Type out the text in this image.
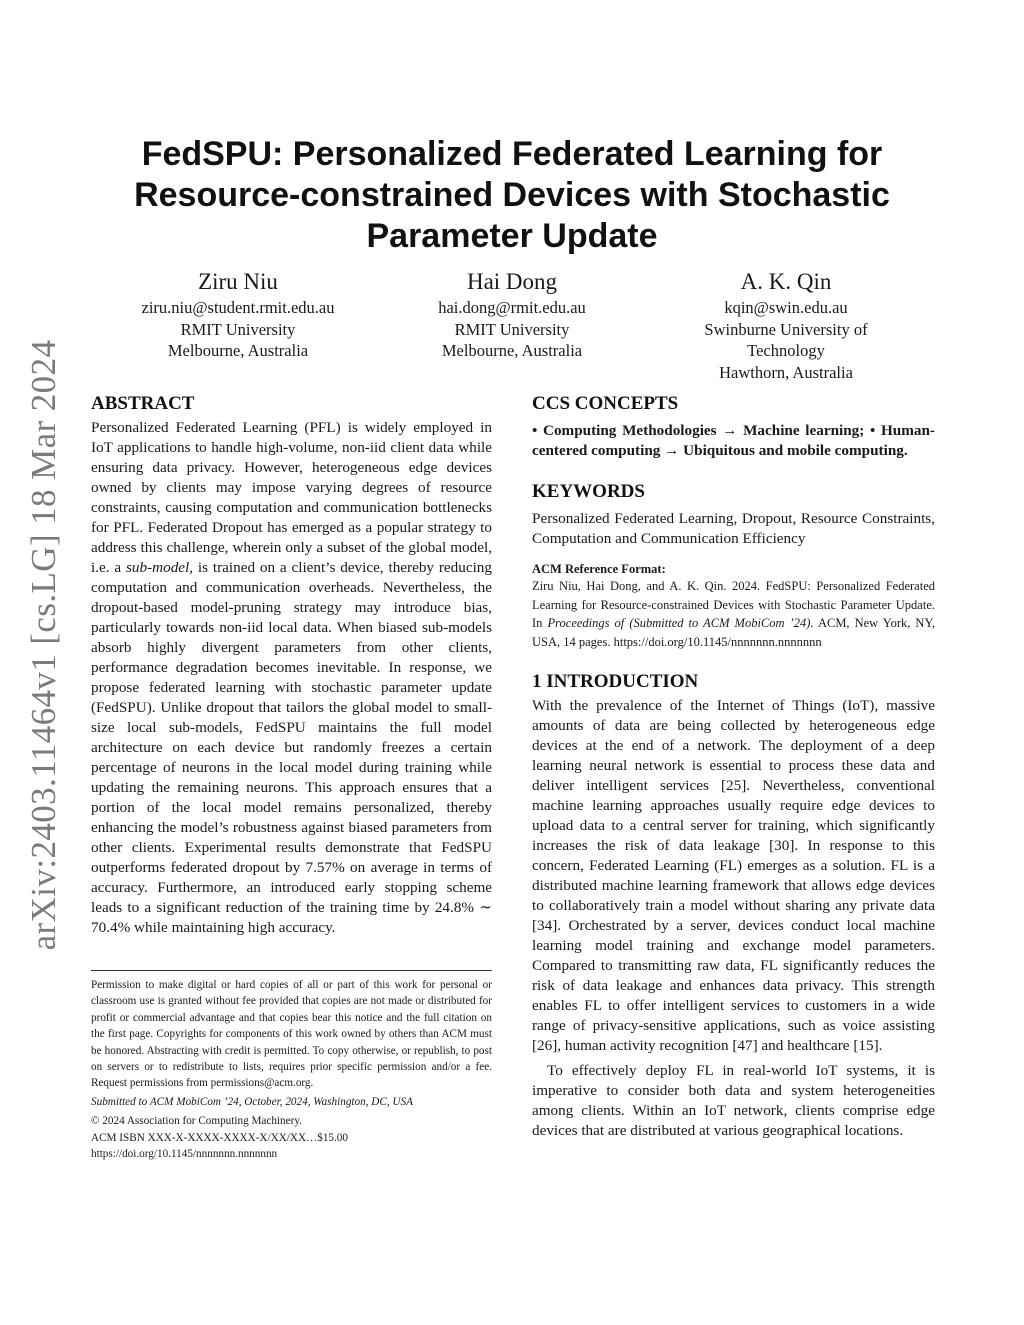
arXiv:2403.11464v1 [cs.LG] 18 Mar 2024
FedSPU: Personalized Federated Learning for
Resource-constrained Devices with Stochastic
Parameter Update
Ziru Niu
ziru.niu@student.rmit.edu.au
RMIT University
Melbourne, Australia
Hai Dong
hai.dong@rmit.edu.au
RMIT University
Melbourne, Australia
A. K. Qin
kqin@swin.edu.au
Swinburne University of
Technology
Hawthorn, Australia
ABSTRACT

Personalized Federated Learning (PFL) is widely employed in IoT applications to handle high-volume, non-iid client data while ensuring data privacy. However, heterogeneous edge devices owned by clients may impose varying degrees of resource constraints, causing computation and communication bottlenecks for PFL. Federated Dropout has emerged as a popular strategy to address this challenge, wherein only a subset of the global model, i.e. a sub-model, is trained on a client’s device, thereby reducing computation and communication overheads. Nevertheless, the dropout-based model-pruning strategy may introduce bias, particularly towards non-iid local data. When biased sub-models absorb highly divergent parameters from other clients, performance degradation becomes inevitable. In response, we propose federated learning with stochastic parameter update (FedSPU). Unlike dropout that tailors the global model to small-size local sub-models, FedSPU maintains the full model architecture on each device but randomly freezes a certain percentage of neurons in the local model during training while updating the remaining neurons. This approach ensures that a portion of the local model remains personalized, thereby enhancing the model’s robustness against biased parameters from other clients. Experimental results demonstrate that FedSPU outperforms federated dropout by 7.57% on average in terms of accuracy. Furthermore, an introduced early stopping scheme leads to a significant reduction of the training time by 24.8% ∼ 70.4% while maintaining high accuracy.

Permission to make digital or hard copies of all or part of this work for personal or classroom use is granted without fee provided that copies are not made or distributed for profit or commercial advantage and that copies bear this notice and the full citation on the first page. Copyrights for components of this work owned by others than ACM must be honored. Abstracting with credit is permitted. To copy otherwise, or republish, to post on servers or to redistribute to lists, requires prior specific permission and/or a fee. Request permissions from permissions@acm.org.

Submitted to ACM MobiCom ’24, October, 2024, Washington, DC, USA

© 2024 Association for Computing Machinery.

ACM ISBN XXX-X-XXXX-XXXX-X/XX/XX…$15.00

https://doi.org/10.1145/nnnnnnn.nnnnnnn

CCS CONCEPTS

• Computing Methodologies → Machine learning; • Human-centered computing → Ubiquitous and mobile computing.

KEYWORDS

Personalized Federated Learning, Dropout, Resource Constraints, Computation and Communication Efficiency

ACM Reference Format:

Ziru Niu, Hai Dong, and A. K. Qin. 2024. FedSPU: Personalized Federated Learning for Resource-constrained Devices with Stochastic Parameter Update. In Proceedings of (Submitted to ACM MobiCom ’24). ACM, New York, NY, USA, 14 pages. https://doi.org/10.1145/nnnnnnn.nnnnnnn

1 INTRODUCTION

With the prevalence of the Internet of Things (IoT), massive amounts of data are being collected by heterogeneous edge devices at the end of a network. The deployment of a deep learning neural network is essential to process these data and deliver intelligent services [25]. Nevertheless, conventional machine learning approaches usually require edge devices to upload data to a central server for training, which significantly increases the risk of data leakage [30]. In response to this concern, Federated Learning (FL) emerges as a solution. FL is a distributed machine learning framework that allows edge devices to collaboratively train a model without sharing any private data [34]. Orchestrated by a server, devices conduct local machine learning model training and exchange model parameters. Compared to transmitting raw data, FL significantly reduces the risk of data leakage and enhances data privacy. This strength enables FL to offer intelligent services to customers in a wide range of privacy-sensitive applications, such as voice assisting [26], human activity recognition [47] and healthcare [15].

To effectively deploy FL in real-world IoT systems, it is imperative to consider both data and system heterogeneities among clients. Within an IoT network, clients comprise edge devices that are distributed at various geographical locations.
